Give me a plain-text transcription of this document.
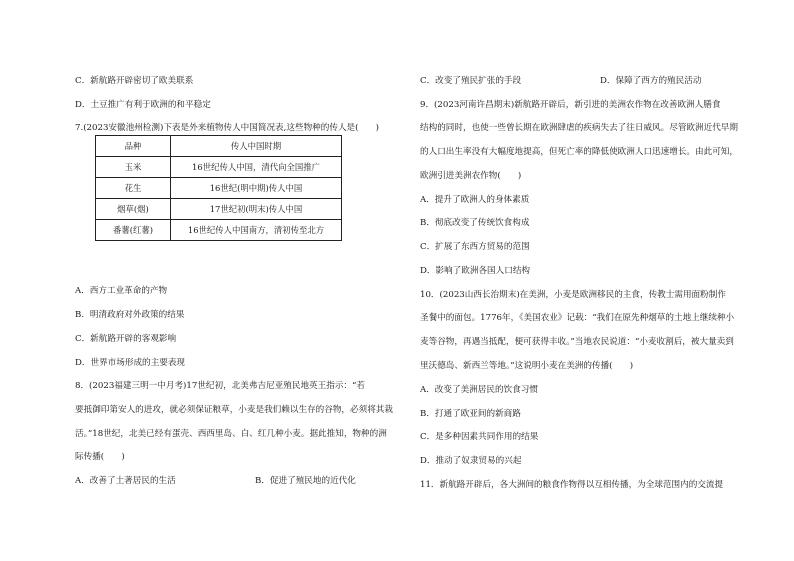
C．新航路开辟密切了欧美联系
D．土豆推广有利于欧洲的和平稳定
7.(2023安徽池州检测)下表是外来植物传人中国简况表,这些物种的传人是(　　)
品种	传人中国时期
玉米	16世纪传人中国，清代向全国推广
花生	16世纪(明中期)传人中国
烟草(烟)	17世纪初(明末)传人中国
番薯(红薯)	16世纪传人中国南方，清初传至北方
A．西方工业革命的产物
B．明清政府对外政策的结果
C．新航路开辟的客观影响
D．世界市场形成的主要表现
8．(2023福建三明一中月考)17世纪初，北美弗吉尼亚殖民地英王指示：“若
要抵御印第安人的进攻，就必须保证粮草，小麦是我们赖以生存的谷物，必须将其栽
活。”18世纪，北美已经有蛋壳、西西里岛、白、红几种小麦。据此推知，物种的洲
际传播(　　)
A．改善了土著居民的生活	B．促进了殖民地的近代化
C．改变了殖民扩张的手段	D．保障了西方的殖民活动
9．(2023河南许昌期末)新航路开辟后，新引进的美洲农作物在改善欧洲人膳食
结构的同时，也使一些曾长期在欧洲肆虐的疾病失去了往日威风。尽管欧洲近代早期
的人口出生率没有大幅度地提高，但死亡率的降低使欧洲人口迅速增长。由此可知，
欧洲引进美洲农作物(　　)
A．提升了欧洲人的身体素质
B．彻底改变了传统饮食构成
C．扩展了东西方贸易的范围
D．影响了欧洲各国人口结构
10．(2023山西长治期末)在美洲，小麦是欧洲移民的主食，传教士需用面粉制作
圣餐中的面包。1776年，《美国农业》记载：“我们在原先种烟草的土地上继续种小
麦等谷物，再遇当抵配，便可获得丰收。”当地农民说道：“小麦收割后，被大量卖到
里沃德岛、新西兰等地。”这说明小麦在美洲的传播(　　)
A．改变了美洲居民的饮食习惯
B．打通了欧亚间的新商路
C．是多种因素共同作用的结果
D．推动了奴隶贸易的兴起
11．新航路开辟后，各大洲间的粮食作物得以互相传播，为全球范围内的交流提
